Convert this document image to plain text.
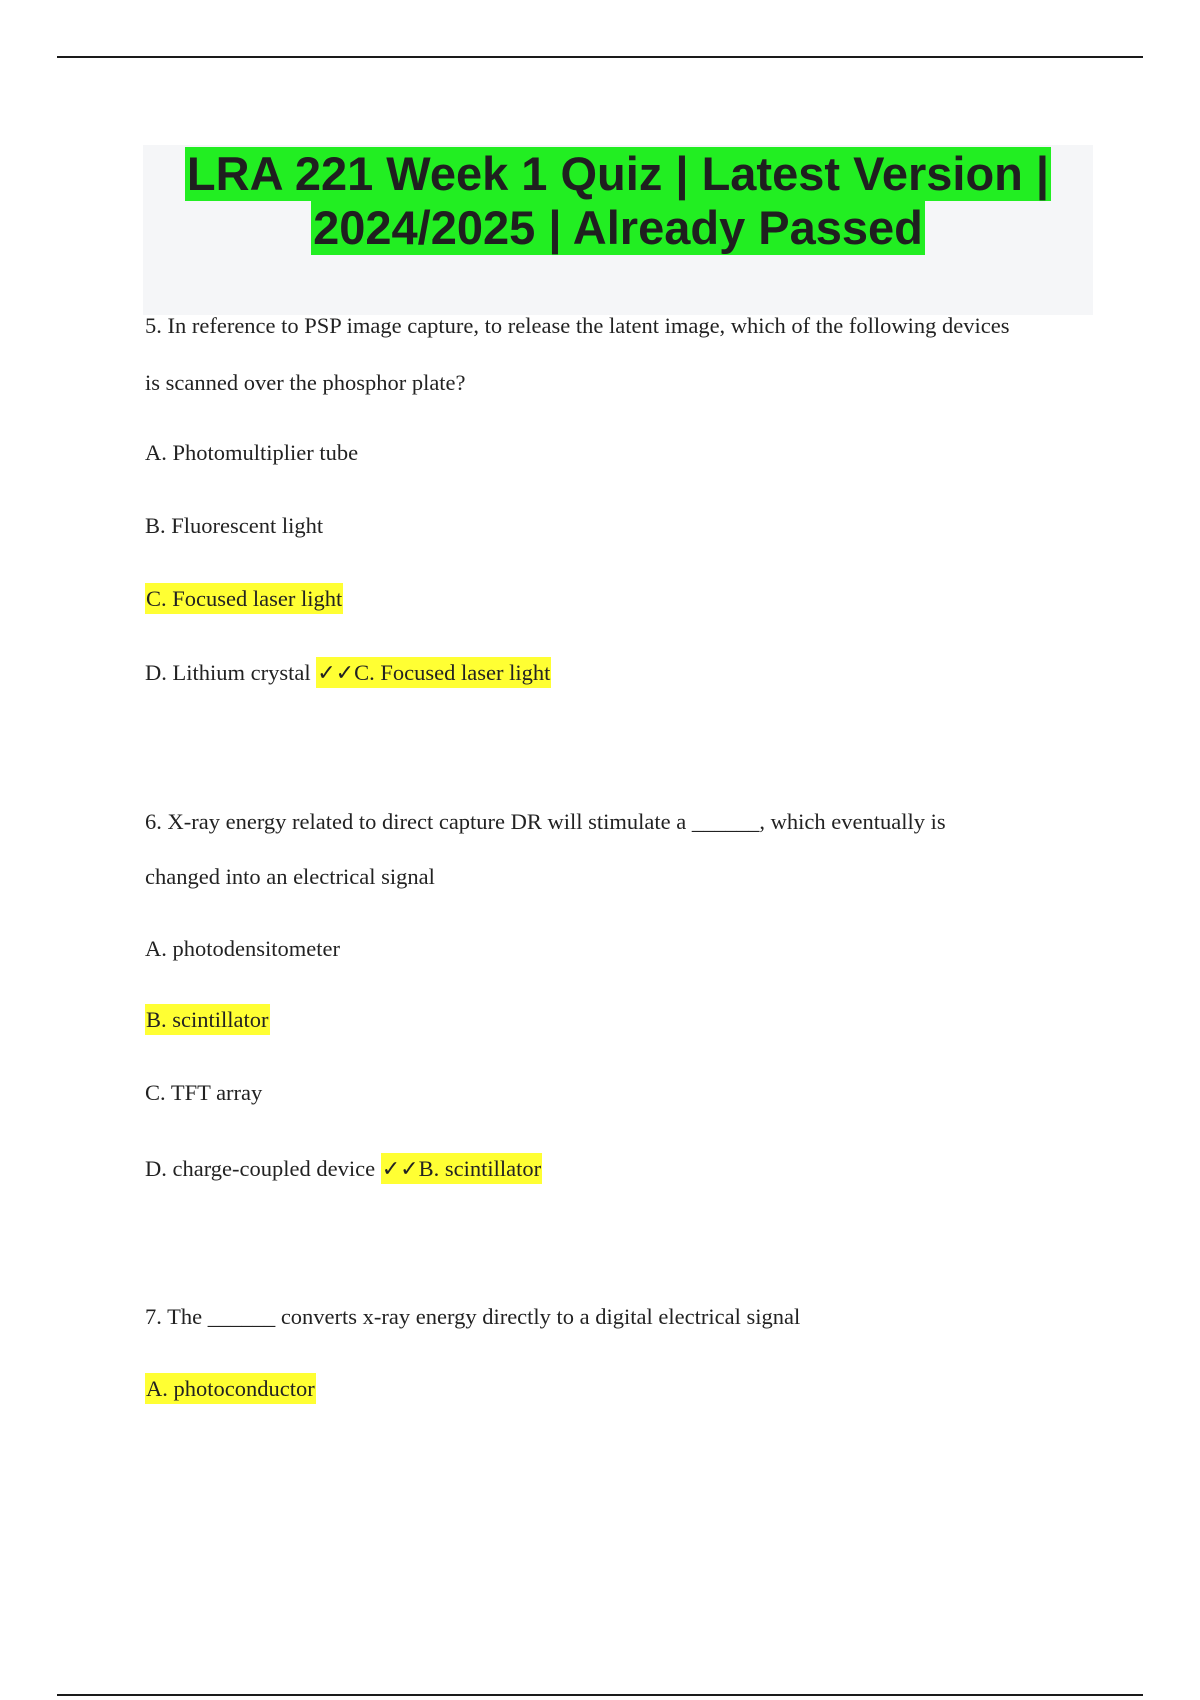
LRA 221 Week 1 Quiz | Latest Version |
2024/2025 | Already Passed

5. In reference to PSP image capture, to release the latent image, which of the following devices

is scanned over the phosphor plate?

A. Photomultiplier tube

B. Fluorescent light

C. Focused laser light

D. Lithium crystal ✓✓C. Focused laser light

6. X-ray energy related to direct capture DR will stimulate a ______, which eventually is

changed into an electrical signal

A. photodensitometer

B. scintillator

C. TFT array

D. charge-coupled device ✓✓B. scintillator

7. The ______ converts x-ray energy directly to a digital electrical signal

A. photoconductor
